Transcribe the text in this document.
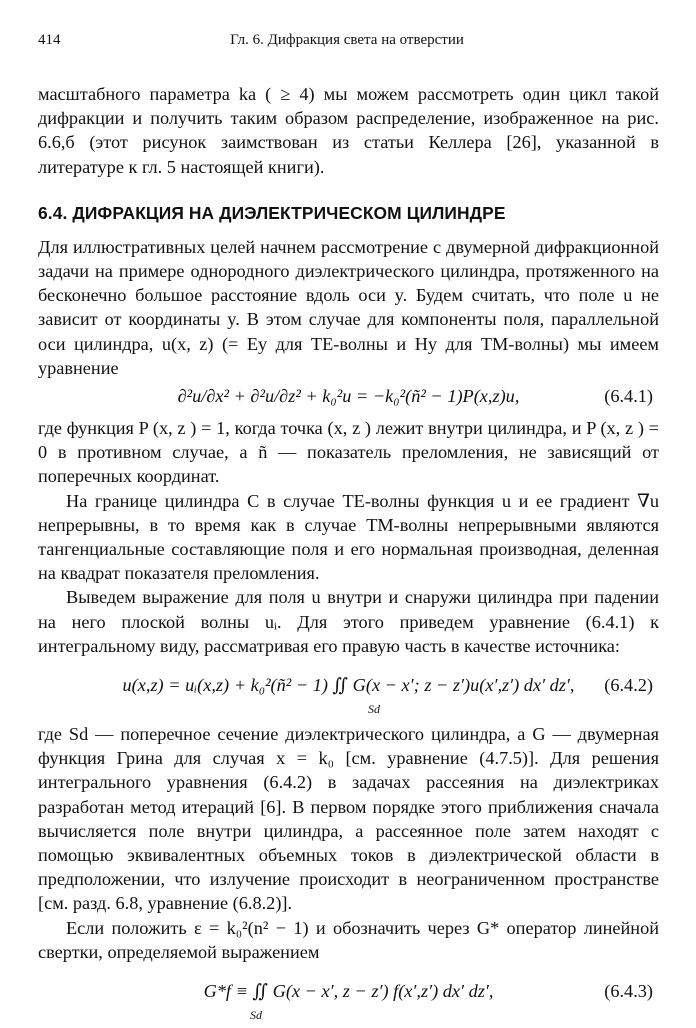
414	Гл. 6. Дифракция света на отверстии

масштабного параметра ka ( ≥ 4) мы можем рассмотреть один цикл такой дифракции и получить таким образом распределение, изображенное на рис. 6.6,б (этот рисунок заимствован из статьи Келлера [26], указанной в литературе к гл. 5 настоящей книги).

6.4. ДИФРАКЦИЯ НА ДИЭЛЕКТРИЧЕСКОМ ЦИЛИНДРЕ

Для иллюстративных целей начнем рассмотрение с двумерной дифракционной задачи на примере однородного диэлектрического цилиндра, протяженного на бесконечно большое расстояние вдоль оси y. Будем считать, что поле u не зависит от координаты y. В этом случае для компоненты поля, параллельной оси цилиндра, u(x, z) (= Ey для TE-волны и Hy для TM-волны) мы имеем уравнение

∂²u/∂x² + ∂²u/∂z² + k₀²u = −k₀²(ñ² − 1)P(x,z)u,	(6.4.1)

где функция P (x, z ) = 1, когда точка (x, z ) лежит внутри цилиндра, и P (x, z ) = 0 в противном случае, а ñ — показатель преломления, не зависящий от поперечных координат.

На границе цилиндра C в случае TE-волны функция u и ее градиент ∇u непрерывны, в то время как в случае TM-волны непрерывными являются тангенциальные составляющие поля и его нормальная производная, деленная на квадрат показателя преломления.

Выведем выражение для поля u внутри и снаружи цилиндра при падении на него плоской волны uᵢ. Для этого приведем уравнение (6.4.1) к интегральному виду, рассматривая его правую часть в качестве источника:

u(x,z) = uᵢ(x,z) + k₀²(ñ² − 1) ∬ G(x − x′; z − z′)u(x′,z′) dx′ dz′,
Sd
(6.4.2)

где Sd — поперечное сечение диэлектрического цилиндра, а G — двумерная функция Грина для случая x = k₀ [см. уравнение (4.7.5)]. Для решения интегрального уравнения (6.4.2) в задачах рассеяния на диэлектриках разработан метод итераций [6]. В первом порядке этого приближения сначала вычисляется поле внутри цилиндра, а рассеянное поле затем находят с помощью эквивалентных объемных токов в диэлектрической области в предположении, что излучение происходит в неограниченном пространстве [см. разд. 6.8, уравнение (6.8.2)].

Если положить ε = k₀²(n² − 1) и обозначить через G* оператор линейной свертки, определяемой выражением

G*f ≡ ∬ G(x − x′, z − z′) f(x′,z′) dx′ dz′,
Sd
(6.4.3)
